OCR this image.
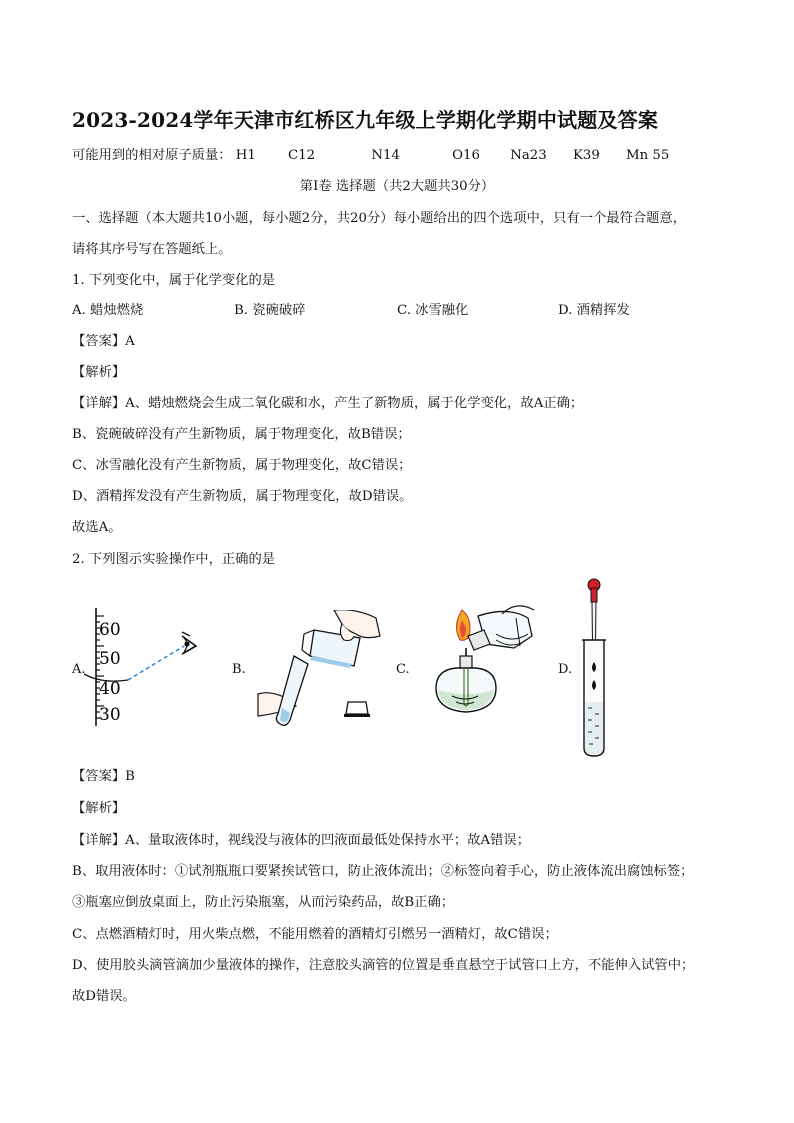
2023-2024学年天津市红桥区九年级上学期化学期中试题及答案
可能用到的相对原子质量： H1 C12	N14	O16 Na23 K39 Mn 55
第Ⅰ卷 选择题（共2大题共30分）
一、选择题（本大题共10小题，每小题2分，共20分）每小题给出的四个选项中，只有一个最符合题意，
请将其序号写在答题纸上。
1. 下列变化中，属于化学变化的是
A. 蜡烛燃烧	B. 瓷碗破碎	C. 冰雪融化	D. 酒精挥发
【答案】A
【解析】
【详解】A、蜡烛燃烧会生成二氧化碳和水，产生了新物质，属于化学变化，故A正确；
B、瓷碗破碎没有产生新物质，属于物理变化，故B错误；
C、冰雪融化没有产生新物质，属于物理变化，故C错误；
D、酒精挥发没有产生新物质，属于物理变化，故D错误。
故选A。
2. 下列图示实验操作中，正确的是
A.	B.	C.	D.
60
50
40
30
【答案】B
【解析】
【详解】A、量取液体时，视线没与液体的凹液面最低处保持水平；故A错误；
B、取用液体时：①试剂瓶瓶口要紧挨试管口，防止液体流出；②标签向着手心，防止液体流出腐蚀标签；
③瓶塞应倒放桌面上，防止污染瓶塞，从而污染药品，故B正确；
C、点燃酒精灯时，用火柴点燃，不能用燃着的酒精灯引燃另一酒精灯，故C错误；
D、使用胶头滴管滴加少量液体的操作，注意胶头滴管的位置是垂直悬空于试管口上方，不能伸入试管中；
故D错误。
